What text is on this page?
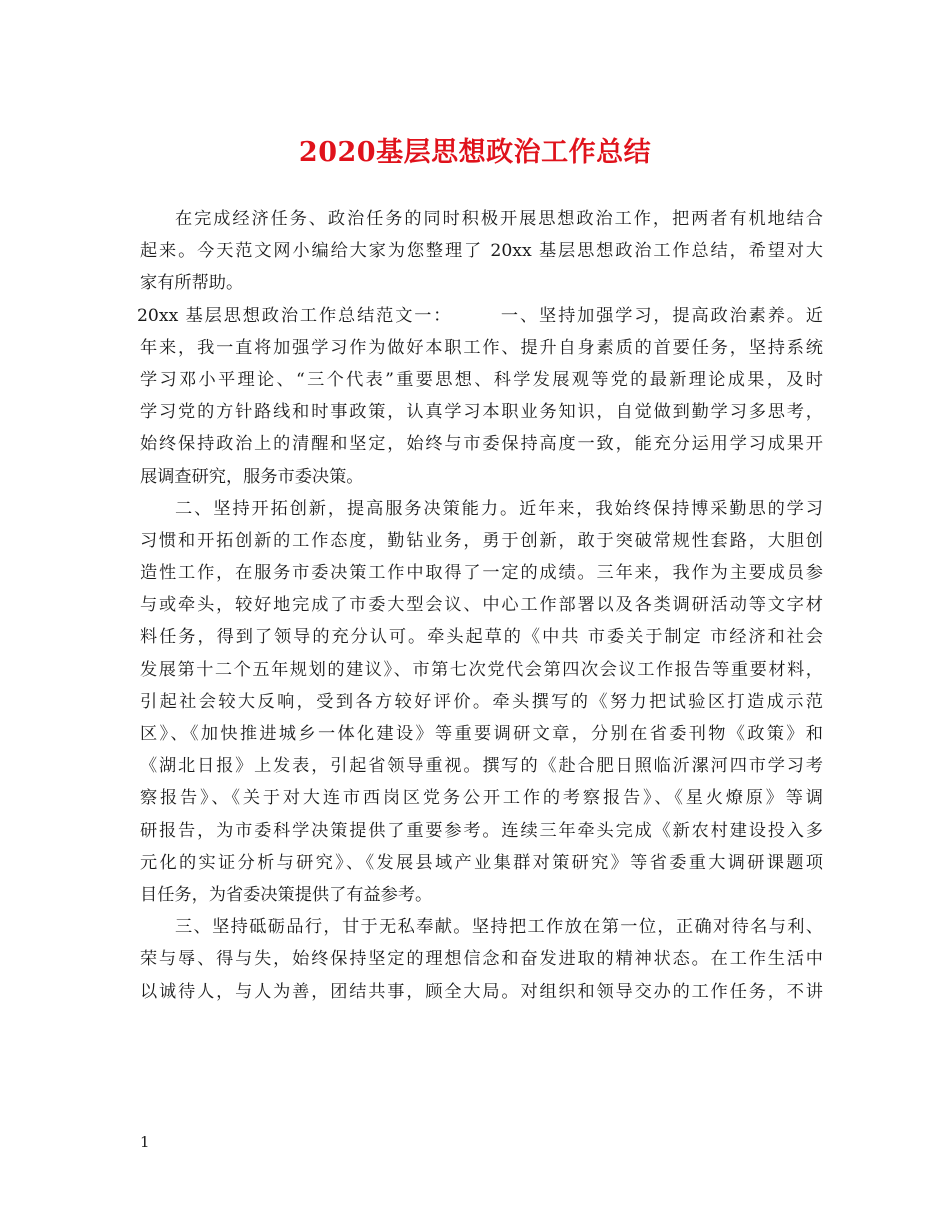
2020基层思想政治工作总结
在完成经济任务、政治任务的同时积极开展思想政治工作，把两者有机地结合
起来。今天范文网小编给大家为您整理了 20xx 基层思想政治工作总结，希望对大
家有所帮助。
20xx 基层思想政治工作总结范文一：　　　一、坚持加强学习，提高政治素养。近
年来，我一直将加强学习作为做好本职工作、提升自身素质的首要任务，坚持系统
学习邓小平理论、“三个代表”重要思想、科学发展观等党的最新理论成果，及时
学习党的方针路线和时事政策，认真学习本职业务知识，自觉做到勤学习多思考，
始终保持政治上的清醒和坚定，始终与市委保持高度一致，能充分运用学习成果开
展调查研究，服务市委决策。
二、坚持开拓创新，提高服务决策能力。近年来，我始终保持博采勤思的学习
习惯和开拓创新的工作态度，勤钻业务，勇于创新，敢于突破常规性套路，大胆创
造性工作，在服务市委决策工作中取得了一定的成绩。三年来，我作为主要成员参
与或牵头，较好地完成了市委大型会议、中心工作部署以及各类调研活动等文字材
料任务，得到了领导的充分认可。牵头起草的《中共 市委关于制定 市经济和社会
发展第十二个五年规划的建议》、市第七次党代会第四次会议工作报告等重要材料，
引起社会较大反响，受到各方较好评价。牵头撰写的《努力把试验区打造成示范
区》、《加快推进城乡一体化建设》等重要调研文章，分别在省委刊物《政策》和
《湖北日报》上发表，引起省领导重视。撰写的《赴合肥日照临沂漯河四市学习考
察报告》、《关于对大连市西岗区党务公开工作的考察报告》、《星火燎原》等调
研报告，为市委科学决策提供了重要参考。连续三年牵头完成《新农村建设投入多
元化的实证分析与研究》、《发展县域产业集群对策研究》等省委重大调研课题项
目任务，为省委决策提供了有益参考。
三、坚持砥砺品行，甘于无私奉献。坚持把工作放在第一位，正确对待名与利、
荣与辱、得与失，始终保持坚定的理想信念和奋发进取的精神状态。在工作生活中
以诚待人，与人为善，团结共事，顾全大局。对组织和领导交办的工作任务，不讲
1
